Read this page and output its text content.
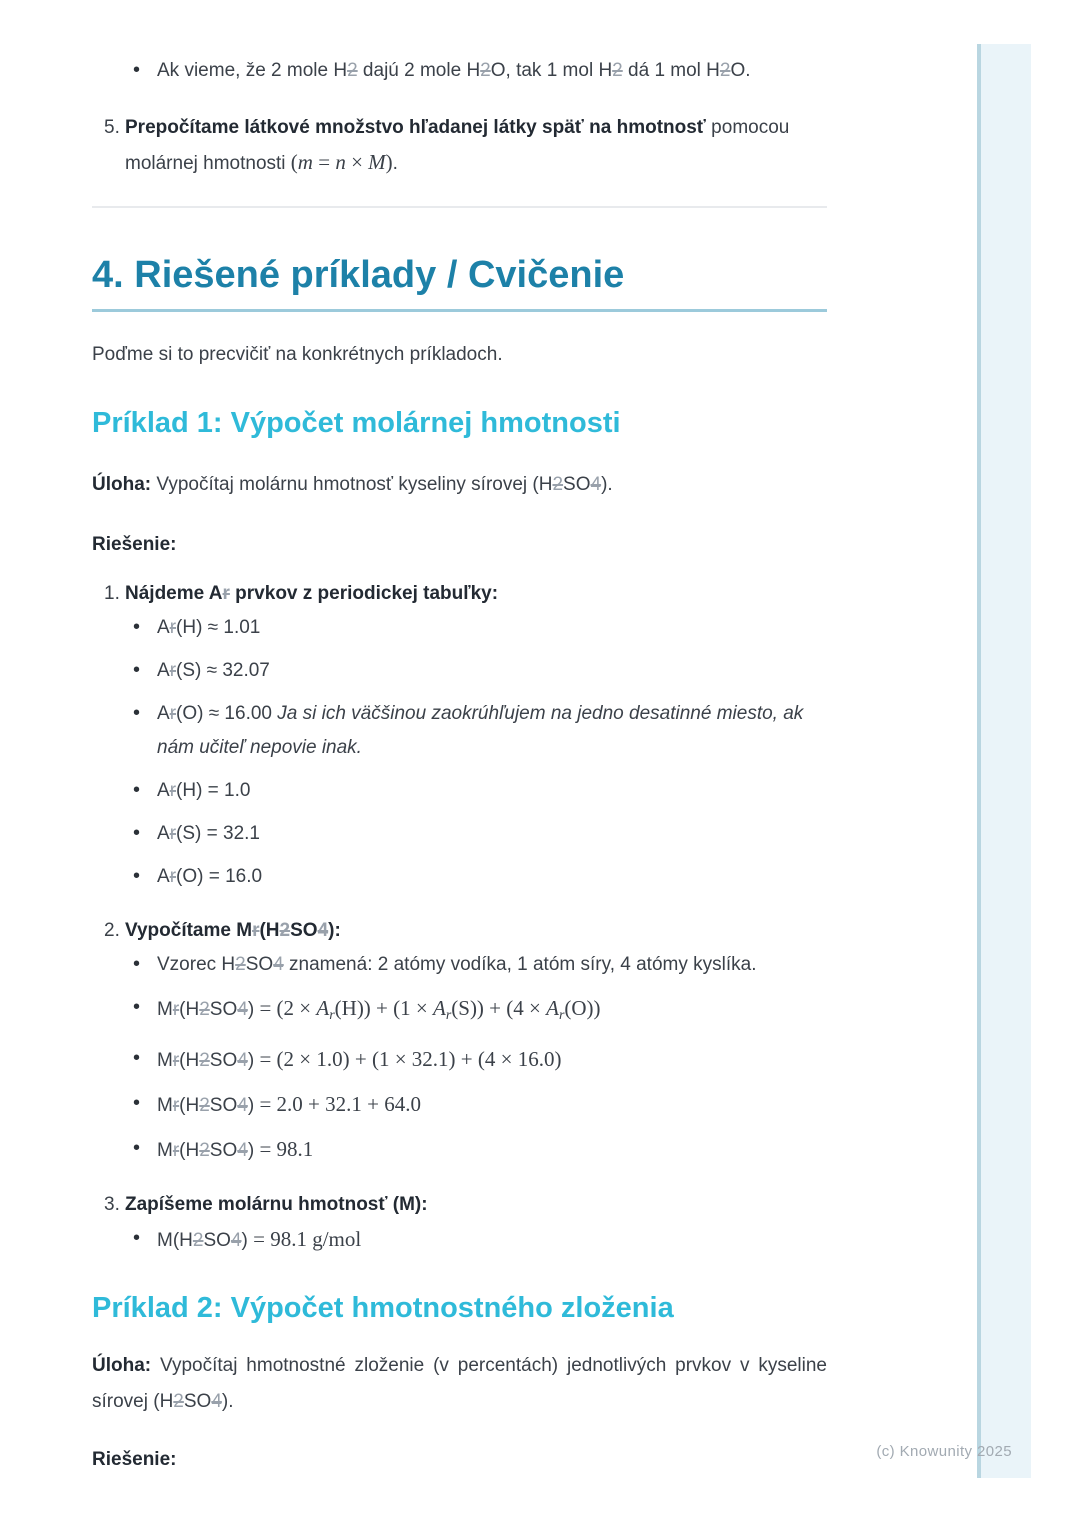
(c) Knowunity 2025
• Ak vieme, že 2 mole H2 dajú 2 mole H2O, tak 1 mol H2 dá 1 mol H2O.
5. Prepočítame látkové množstvo hľadanej látky späť na hmotnosť pomocou molárnej hmotnosti (m = n × M).
4. Riešené príklady / Cvičenie

Poďme si to precvičiť na konkrétnych príkladoch.

Príklad 1: Výpočet molárnej hmotnosti

Úloha: Vypočítaj molárnu hmotnosť kyseliny sírovej (H2SO4).

Riešenie:

1. Nájdeme Ar prvkov z periodickej tabuľky:
• Ar(H) ≈ 1.01
• Ar(S) ≈ 32.07
• Ar(O) ≈ 16.00 Ja si ich väčšinou zaokrúhľujem na jedno desatinné miesto, ak nám učiteľ nepovie inak.
• Ar(H) = 1.0
• Ar(S) = 32.1
• Ar(O) = 16.0
2. Vypočítame Mr(H2SO4):
• Vzorec H2SO4 znamená: 2 atómy vodíka, 1 atóm síry, 4 atómy kyslíka.
• $Mr(H2SO4) = (2 \times A_r(H)) + (1 \times A_r(S)) + (4 \times A_r(O))$
• Mr(H2SO4) = (2 × 1.0) + (1 × 32.1) + (4 × 16.0)
• Mr(H2SO4) = 2.0 + 32.1 + 64.0
• Mr(H2SO4) = 98.1
3. Zapíšeme molárnu hmotnosť (M):
• M(H2SO4) = 98.1 g/mol
Príklad 2: Výpočet hmotnostného zloženia

Úloha: Vypočítaj hmotnostné zloženie (v percentách) jednotlivých prvkov v kyseline sírovej (H2SO4).

Riešenie:
